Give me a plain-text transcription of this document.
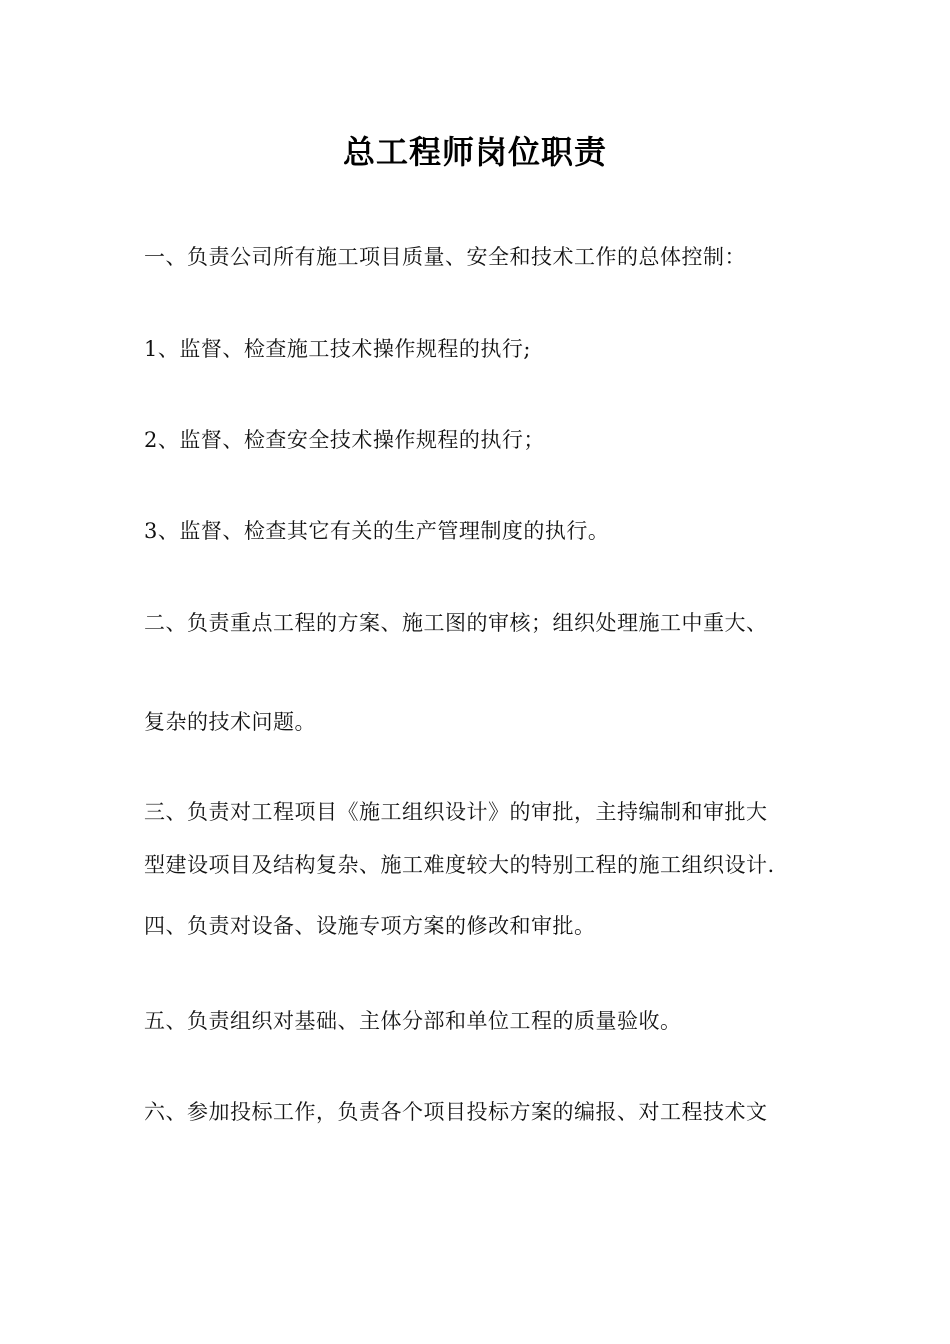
总工程师岗位职责
一、负责公司所有施工项目质量、安全和技术工作的总体控制：
1、监督、检查施工技术操作规程的执行;
2、监督、检查安全技术操作规程的执行；
3、监督、检查其它有关的生产管理制度的执行。
二、负责重点工程的方案、施工图的审核；组织处理施工中重大、
复杂的技术问题。
三、负责对工程项目《施工组织设计》的审批，主持编制和审批大
型建设项目及结构复杂、施工难度较大的特别工程的施工组织设计.
四、负责对设备、设施专项方案的修改和审批。
五、负责组织对基础、主体分部和单位工程的质量验收。
六、参加投标工作，负责各个项目投标方案的编报、对工程技术文
